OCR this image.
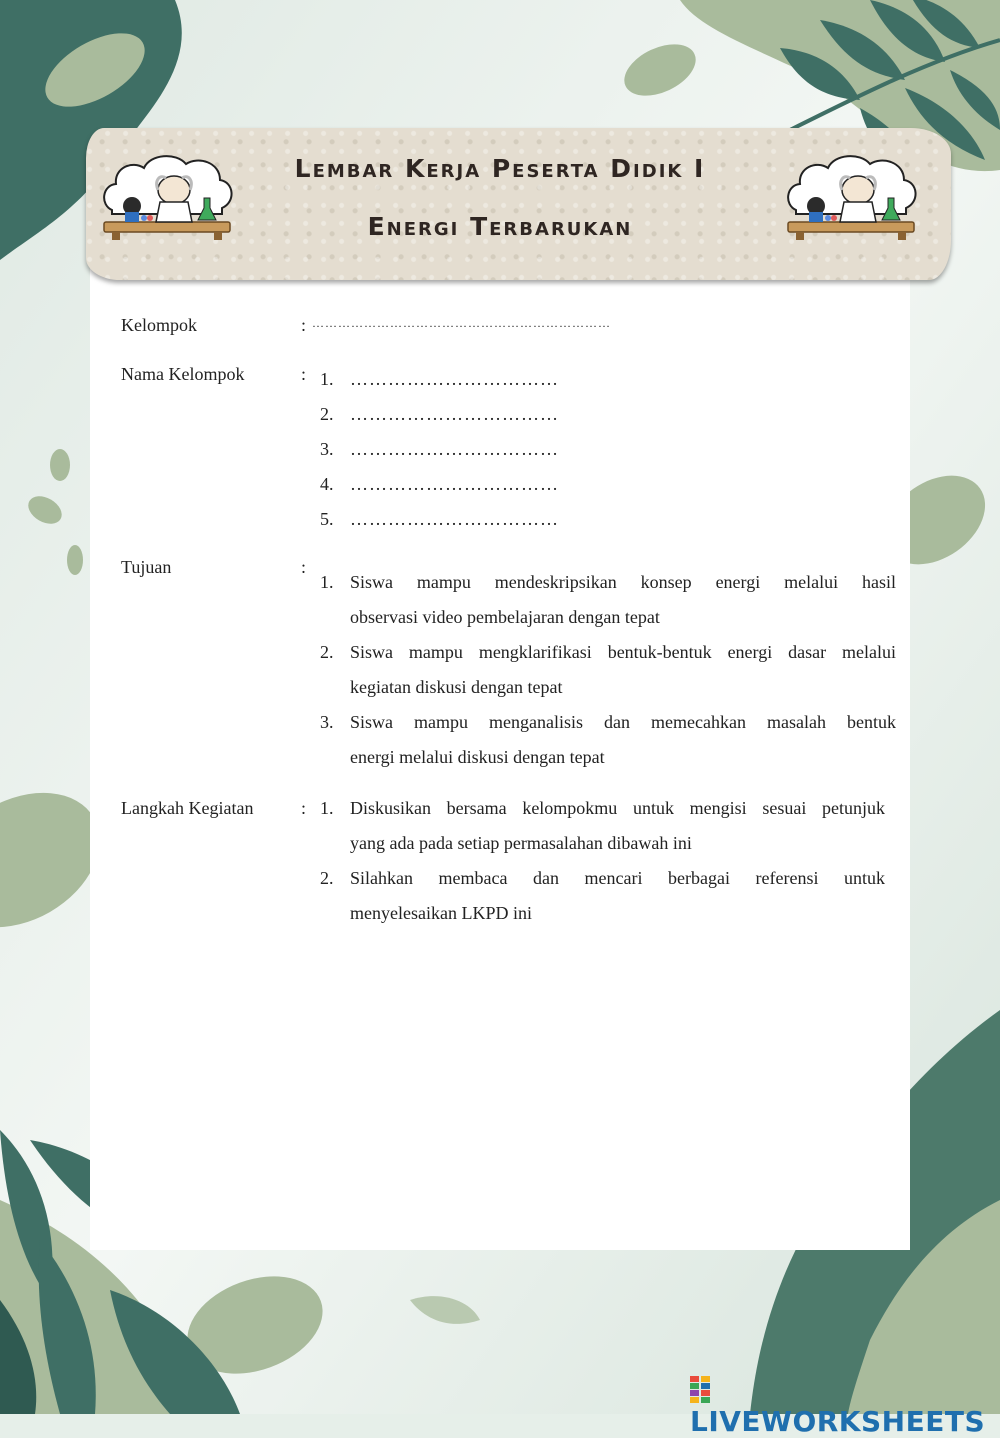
Lembar Kerja Peserta Didik I
Energi Terbarukan
Kelompok	: ……………………………………………………………
Nama Kelompok	: 1. ……………………………
2. ……………………………
3. ……………………………
4. ……………………………
5. ……………………………
Tujuan	:
1. Siswa mampu mendeskripsikan konsep energi melalui hasil
observasi video pembelajaran dengan tepat
2. Siswa mampu mengklarifikasi bentuk-bentuk energi dasar melalui
kegiatan diskusi dengan tepat
3. Siswa mampu menganalisis dan memecahkan masalah bentuk
energi melalui diskusi dengan tepat
Langkah Kegiatan	: 1. Diskusikan bersama kelompokmu untuk mengisi sesuai petunjuk
yang ada pada setiap permasalahan dibawah ini
2. Silahkan membaca dan mencari berbagai referensi untuk
menyelesaikan LKPD ini
LIVEWORKSHEETS
